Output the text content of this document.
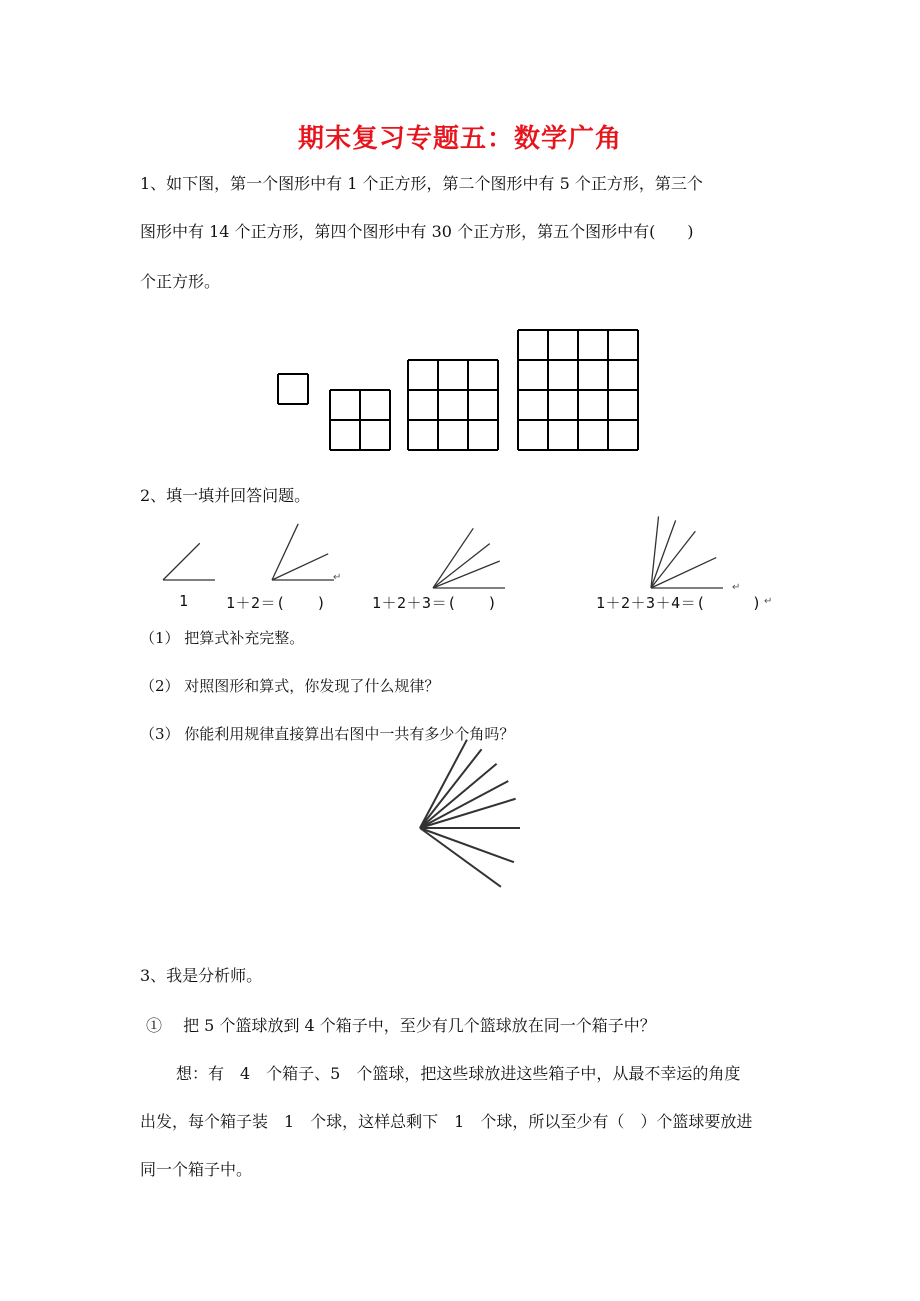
期末复习专题五：数学广角
1、如下图，第一个图形中有 1 个正方形，第二个图形中有 5 个正方形，第三个
图形中有 14 个正方形，第四个图形中有 30 个正方形，第五个图形中有(　　)
个正方形。
2、填一填并回答问题。
1 1＋2＝(　　)
↵
1＋2＋3＝(　　)	1＋2＋3＋4＝(　　　)
↵
↵
（1） 把算式补充完整。
（2） 对照图形和算式，你发现了什么规律？
（3） 你能利用规律直接算出右图中一共有多少个角吗？
3、我是分析师。
①　 把 5 个篮球放到 4 个箱子中，至少有几个篮球放在同一个箱子中？
想：有　4　个箱子、5　个篮球，把这些球放进这些箱子中，从最不幸运的角度
出发，每个箱子装　1　个球，这样总剩下　1　个球，所以至少有（　）个篮球要放进
同一个箱子中。
